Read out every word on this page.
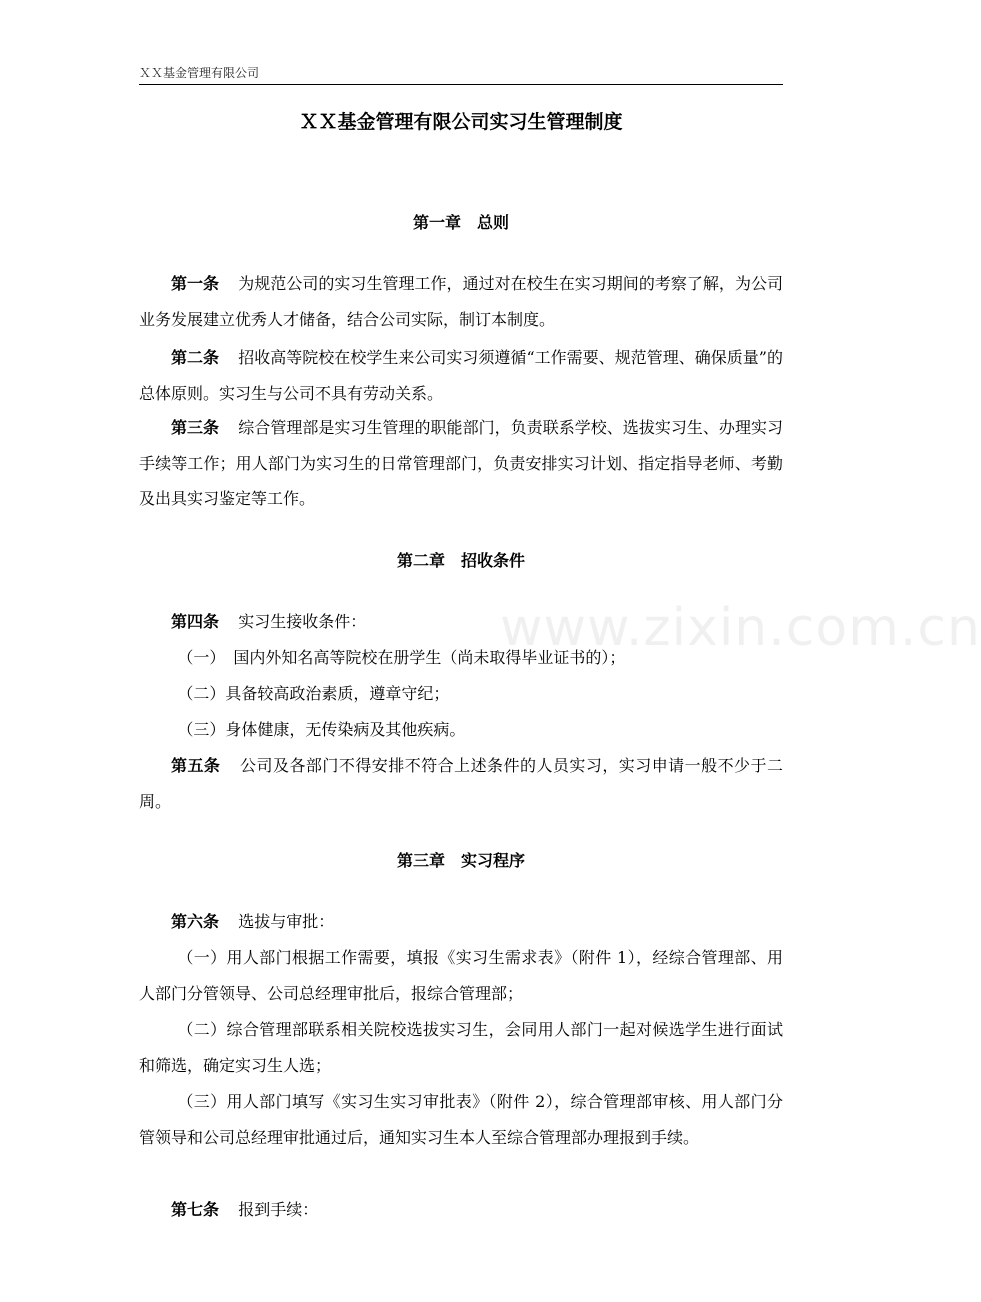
ＸＸ基金管理有限公司
ＸＸ基金管理有限公司实习生管理制度
第一章　总则
第一条 为规范公司的实习生管理工作，通过对在校生在实习期间的考察了解，为公司业务发展建立优秀人才储备，结合公司实际，制订本制度。
第二条 招收高等院校在校学生来公司实习须遵循“工作需要、规范管理、确保质量”的总体原则。实习生与公司不具有劳动关系。
第三条 综合管理部是实习生管理的职能部门，负责联系学校、选拔实习生、办理实习手续等工作；用人部门为实习生的日常管理部门，负责安排实习计划、指定指导老师、考勤及出具实习鉴定等工作。
第二章　招收条件
www.zixin.com.cn
第四条 实习生接收条件：
（一）　国内外知名高等院校在册学生（尚未取得毕业证书的）；
（二）具备较高政治素质，遵章守纪；
（三）身体健康，无传染病及其他疾病。
第五条 公司及各部门不得安排不符合上述条件的人员实习，实习申请一般不少于二周。
第三章　实习程序
第六条 选拔与审批：
（一）用人部门根据工作需要，填报《实习生需求表》（附件 1），经综合管理部、用人部门分管领导、公司总经理审批后，报综合管理部；
（二）综合管理部联系相关院校选拔实习生，会同用人部门一起对候选学生进行面试和筛选，确定实习生人选；
（三）用人部门填写《实习生实习审批表》（附件 2），综合管理部审核、用人部门分管领导和公司总经理审批通过后，通知实习生本人至综合管理部办理报到手续。
第七条 报到手续：
